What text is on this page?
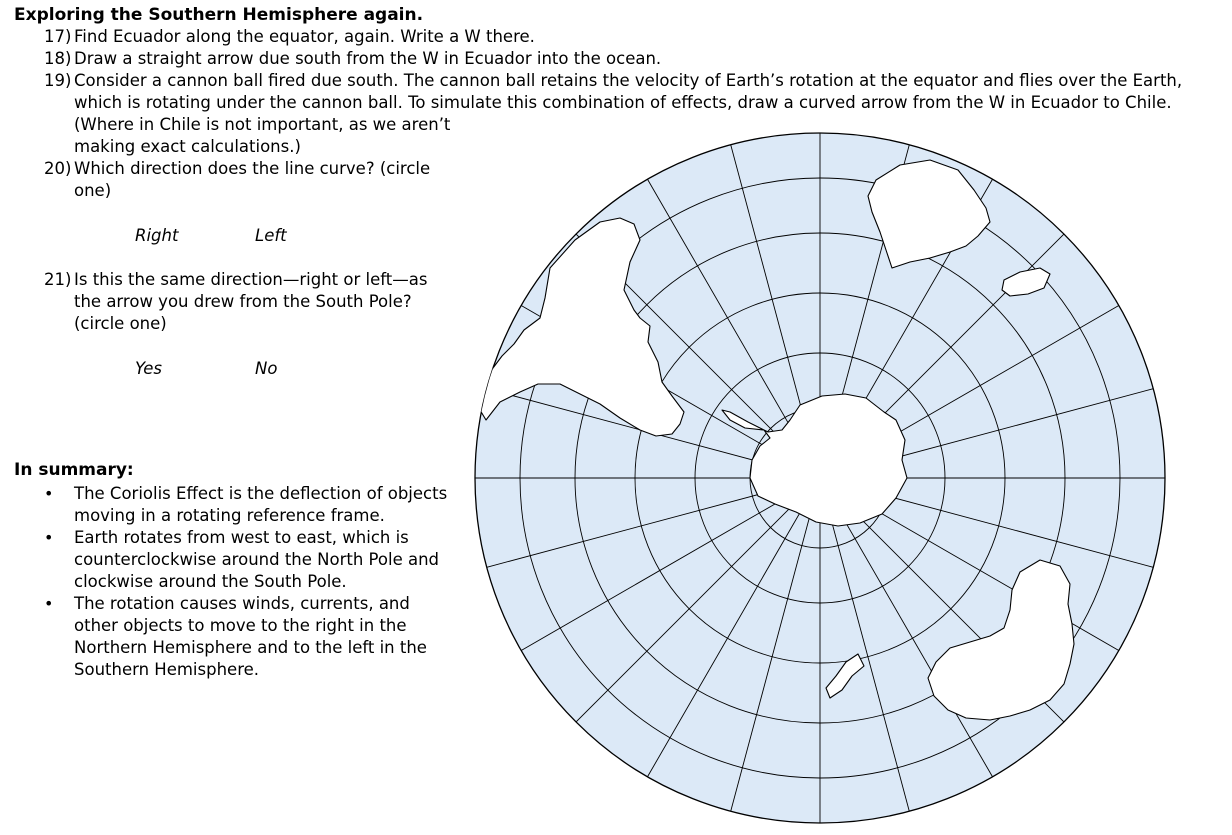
Exploring the Southern Hemisphere again.
17) Find Ecuador along the equator, again. Write a W there.
18) Draw a straight arrow due south from the W in Ecuador into the ocean.
19) Consider a cannon ball fired due south. The cannon ball retains the velocity of Earth’s rotation at the equator and flies over the Earth,
which is rotating under the cannon ball. To simulate this combination of effects, draw a curved arrow from the W in Ecuador to Chile.
(Where in Chile is not important, as we aren’t
making exact calculations.)
20) Which direction does the line curve? (circle
one)
Right	Left
21) Is this the same direction—right or left—as
the arrow you drew from the South Pole?
(circle one)
Yes	No
In summary:
• The Coriolis Effect is the deflection of objects
moving in a rotating reference frame.
• Earth rotates from west to east, which is
counterclockwise around the North Pole and
clockwise around the South Pole.
• The rotation causes winds, currents, and
other objects to move to the right in the
Northern Hemisphere and to the left in the
Southern Hemisphere.
